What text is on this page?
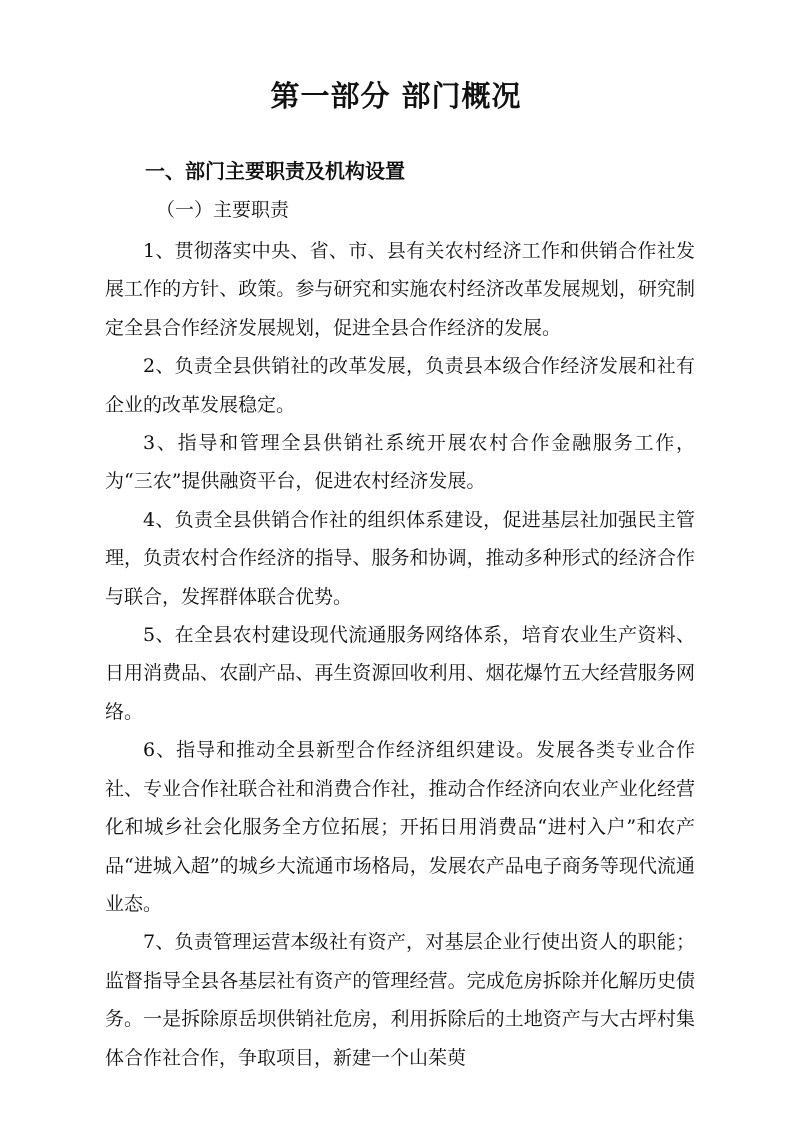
第一部分 部门概况
一、部门主要职责及机构设置
（一）主要职责

1、贯彻落实中央、省、市、县有关农村经济工作和供销合作社发展工作的方针、政策。参与研究和实施农村经济改革发展规划，研究制定全县合作经济发展规划，促进全县合作经济的发展。

2、负责全县供销社的改革发展，负责县本级合作经济发展和社有企业的改革发展稳定。

3、指导和管理全县供销社系统开展农村合作金融服务工作，为“三农”提供融资平台，促进农村经济发展。

4、负责全县供销合作社的组织体系建设，促进基层社加强民主管理，负责农村合作经济的指导、服务和协调，推动多种形式的经济合作与联合，发挥群体联合优势。

5、在全县农村建设现代流通服务网络体系，培育农业生产资料、日用消费品、农副产品、再生资源回收利用、烟花爆竹五大经营服务网络。

6、指导和推动全县新型合作经济组织建设。发展各类专业合作社、专业合作社联合社和消费合作社，推动合作经济向农业产业化经营化和城乡社会化服务全方位拓展；开拓日用消费品“进村入户”和农产品“进城入超”的城乡大流通市场格局，发展农产品电子商务等现代流通业态。

7、负责管理运营本级社有资产，对基层企业行使出资人的职能；监督指导全县各基层社有资产的管理经营。完成危房拆除并化解历史债务。一是拆除原岳坝供销社危房，利用拆除后的土地资产与大古坪村集体合作社合作，争取项目，新建一个山茱萸
